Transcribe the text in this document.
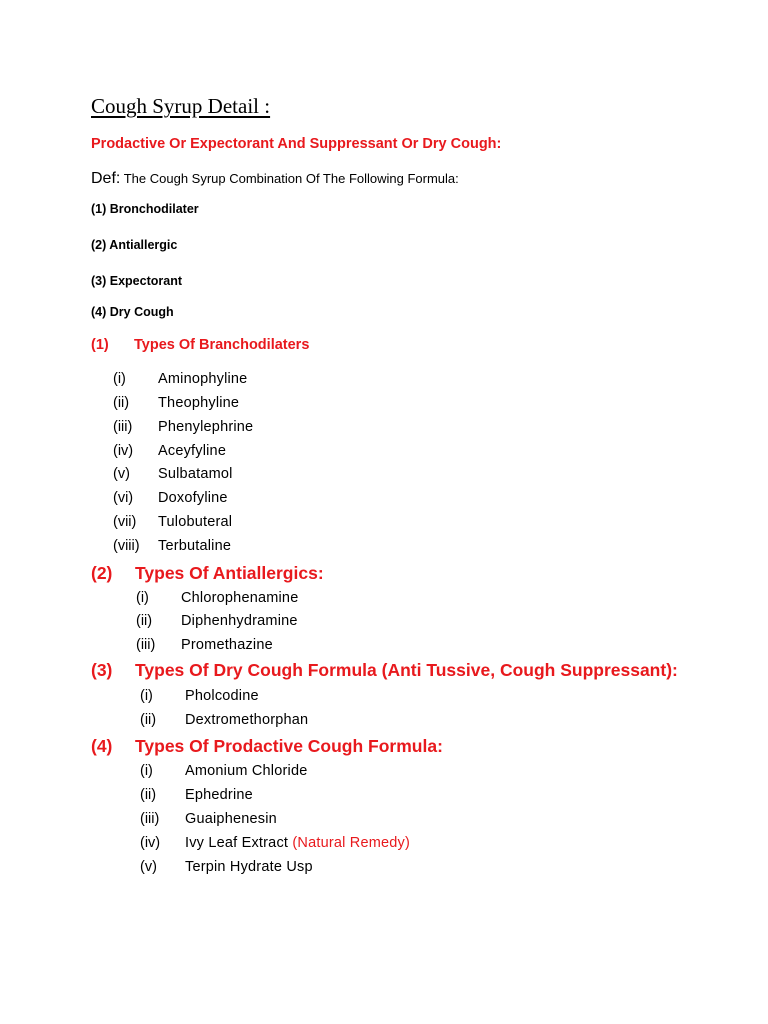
Cough Syrup Detail :
Prodactive Or Expectorant And Suppressant Or Dry Cough:
Def: The Cough Syrup Combination Of The Following Formula:
(1) Bronchodilater
(2) Antiallergic
(3) Expectorant
(4) Dry Cough
(1) Types Of Branchodilaters
(i) Aminophyline
(ii) Theophyline
(iii) Phenylephrine
(iv) Aceyfyline
(v) Sulbatamol
(vi) Doxofyline
(vii) Tulobuteral
(viii) Terbutaline
(2) Types Of Antiallergics:
(i) Chlorophenamine
(ii) Diphenhydramine
(iii) Promethazine
(3) Types Of Dry Cough Formula (Anti Tussive, Cough Suppressant):
(i) Pholcodine
(ii) Dextromethorphan
(4) Types Of Prodactive Cough Formula:
(i) Amonium Chloride
(ii) Ephedrine
(iii) Guaiphenesin
(iv) Ivy Leaf Extract (Natural Remedy)
(v) Terpin Hydrate Usp
